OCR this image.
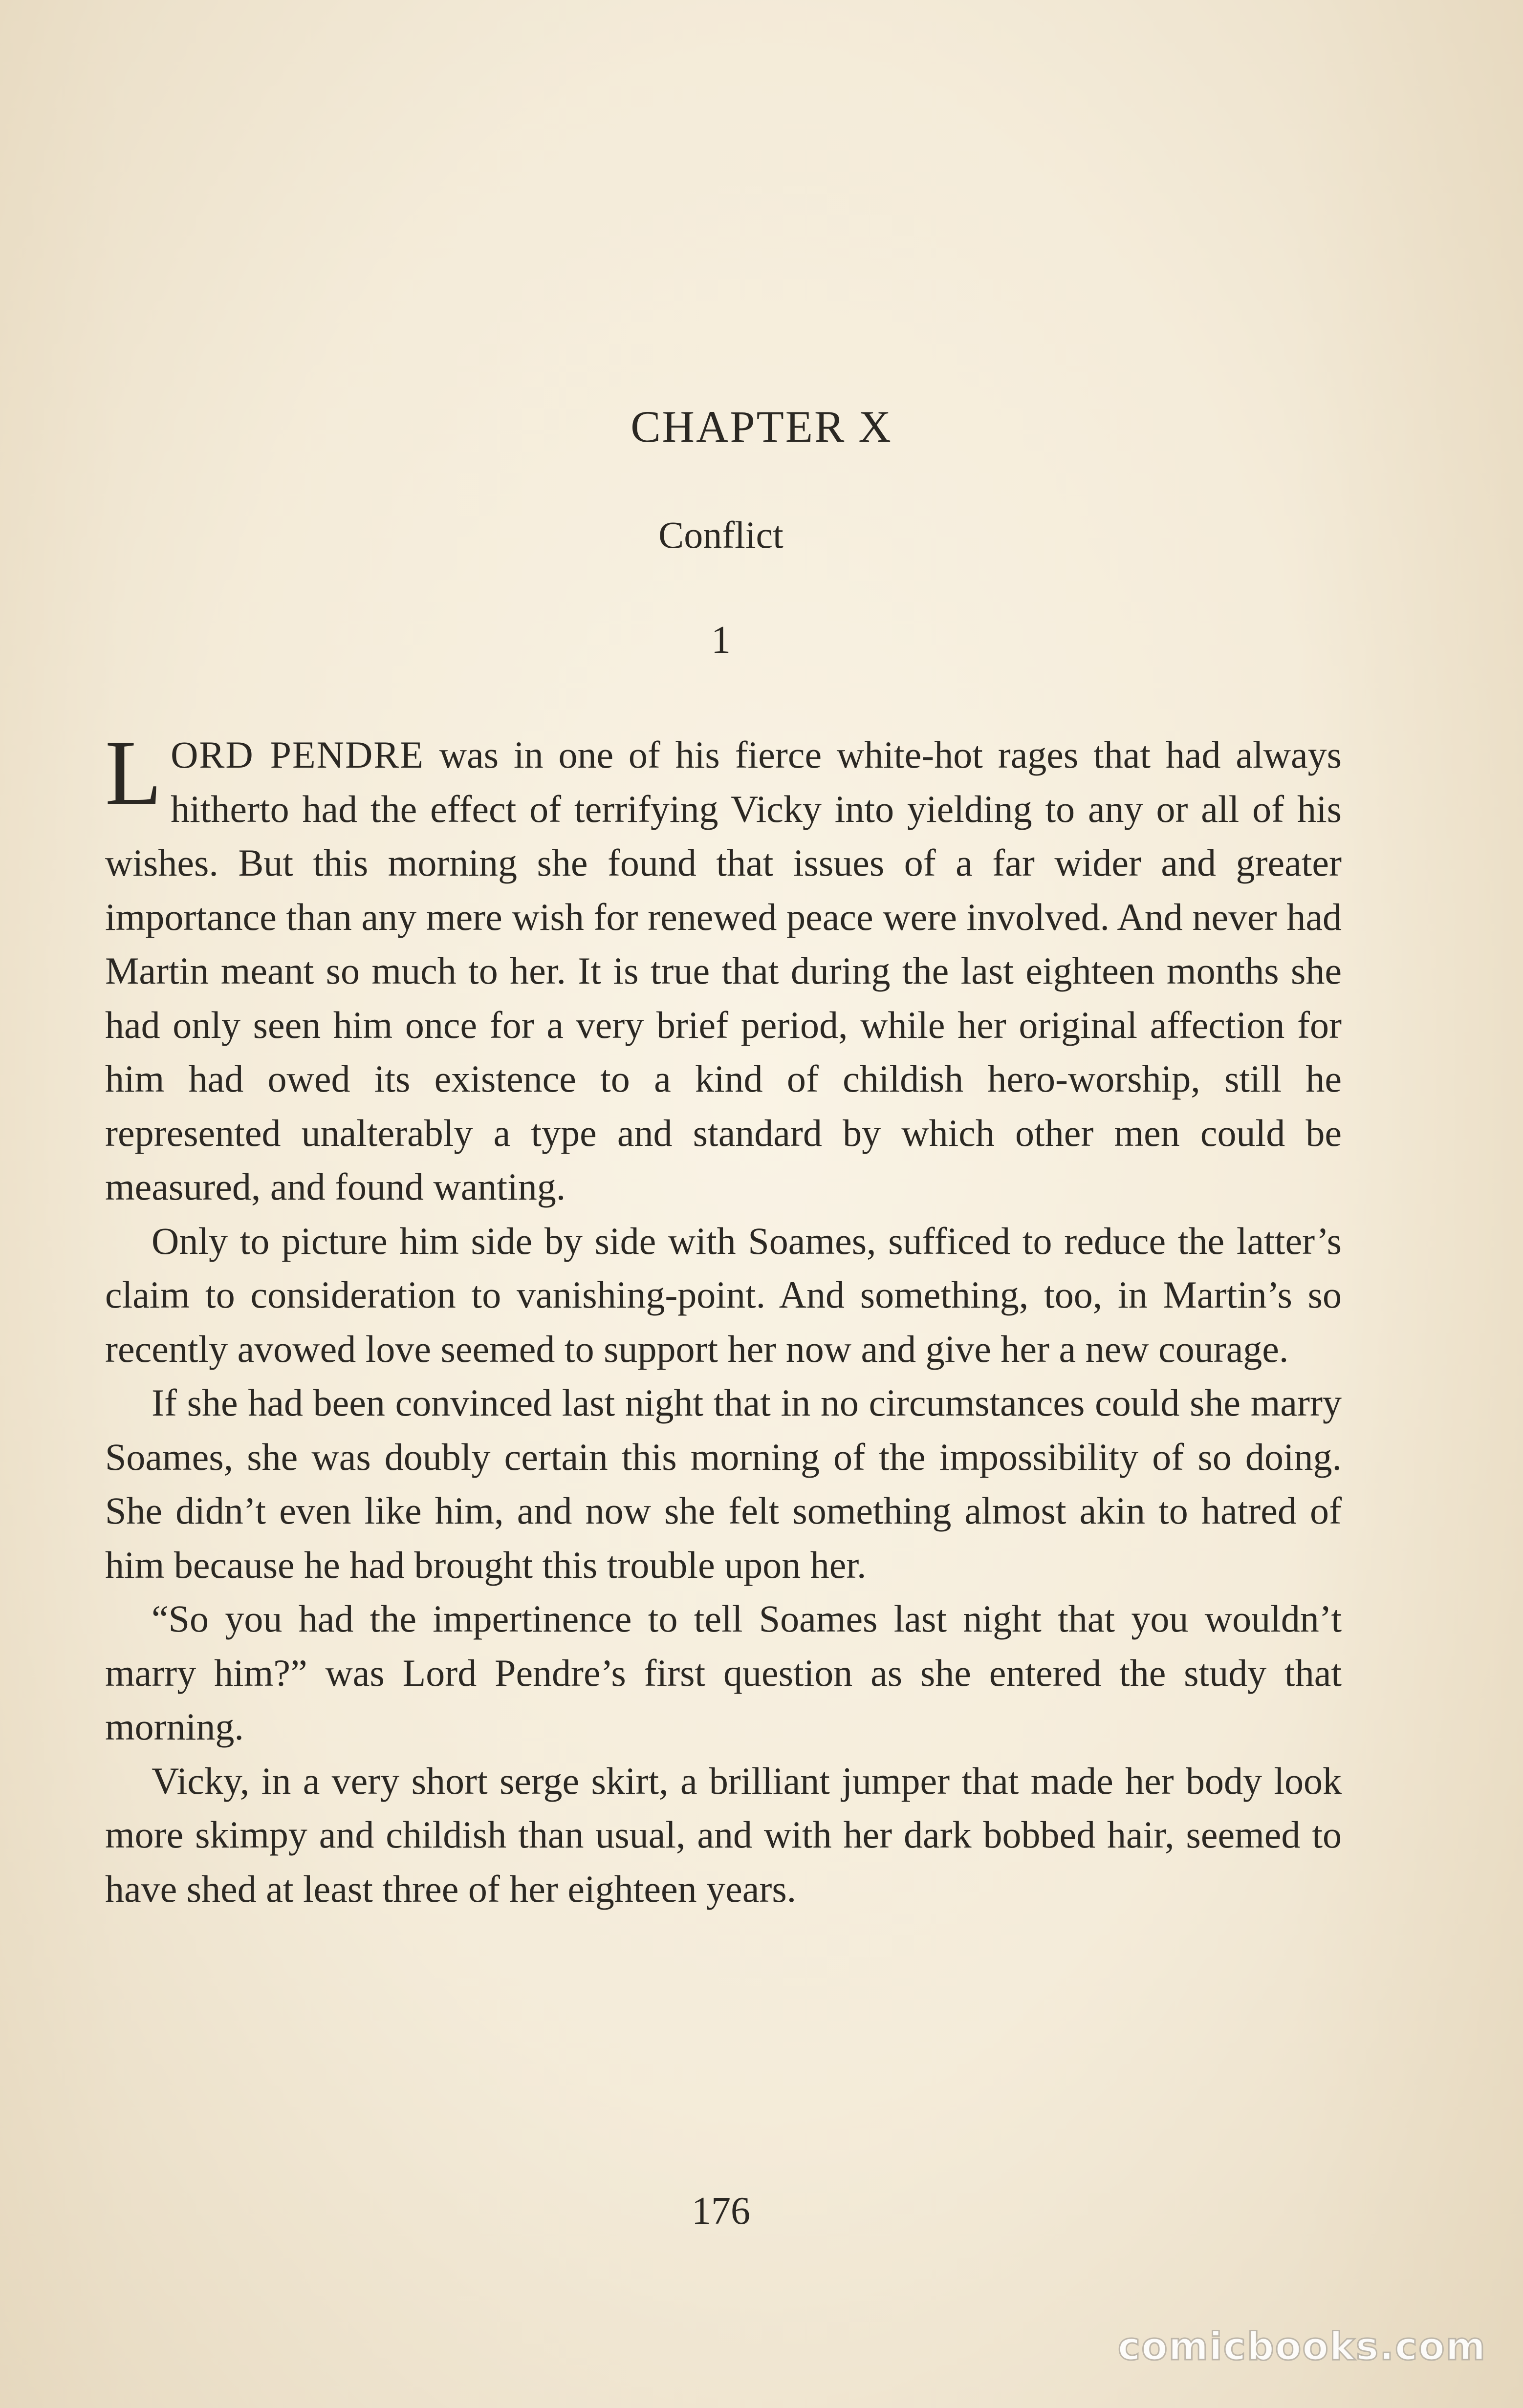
CHAPTER X
Conflict
1

LORD PENDRE was in one of his fierce white-hot rages that had always hitherto had the effect of terrifying Vicky into yielding to any or all of his wishes. But this morning she found that issues of a far wider and greater importance than any mere wish for renewed peace were involved. And never had Martin meant so much to her. It is true that during the last eighteen months she had only seen him once for a very brief period, while her original affection for him had owed its existence to a kind of childish hero-worship, still he represented unalterably a type and standard by which other men could be measured, and found wanting.

Only to picture him side by side with Soames, sufficed to reduce the latter’s claim to consideration to vanishing-point. And something, too, in Martin’s so recently avowed love seemed to support her now and give her a new courage.

If she had been convinced last night that in no circumstances could she marry Soames, she was doubly certain this morning of the impossibility of so doing. She didn’t even like him, and now she felt something almost akin to hatred of him because he had brought this trouble upon her.

“So you had the impertinence to tell Soames last night that you wouldn’t marry him?” was Lord Pendre’s first question as she entered the study that morning.

Vicky, in a very short serge skirt, a brilliant jumper that made her body look more skimpy and childish than usual, and with her dark bobbed hair, seemed to have shed at least three of her eighteen years.

176
comicbooks.com
